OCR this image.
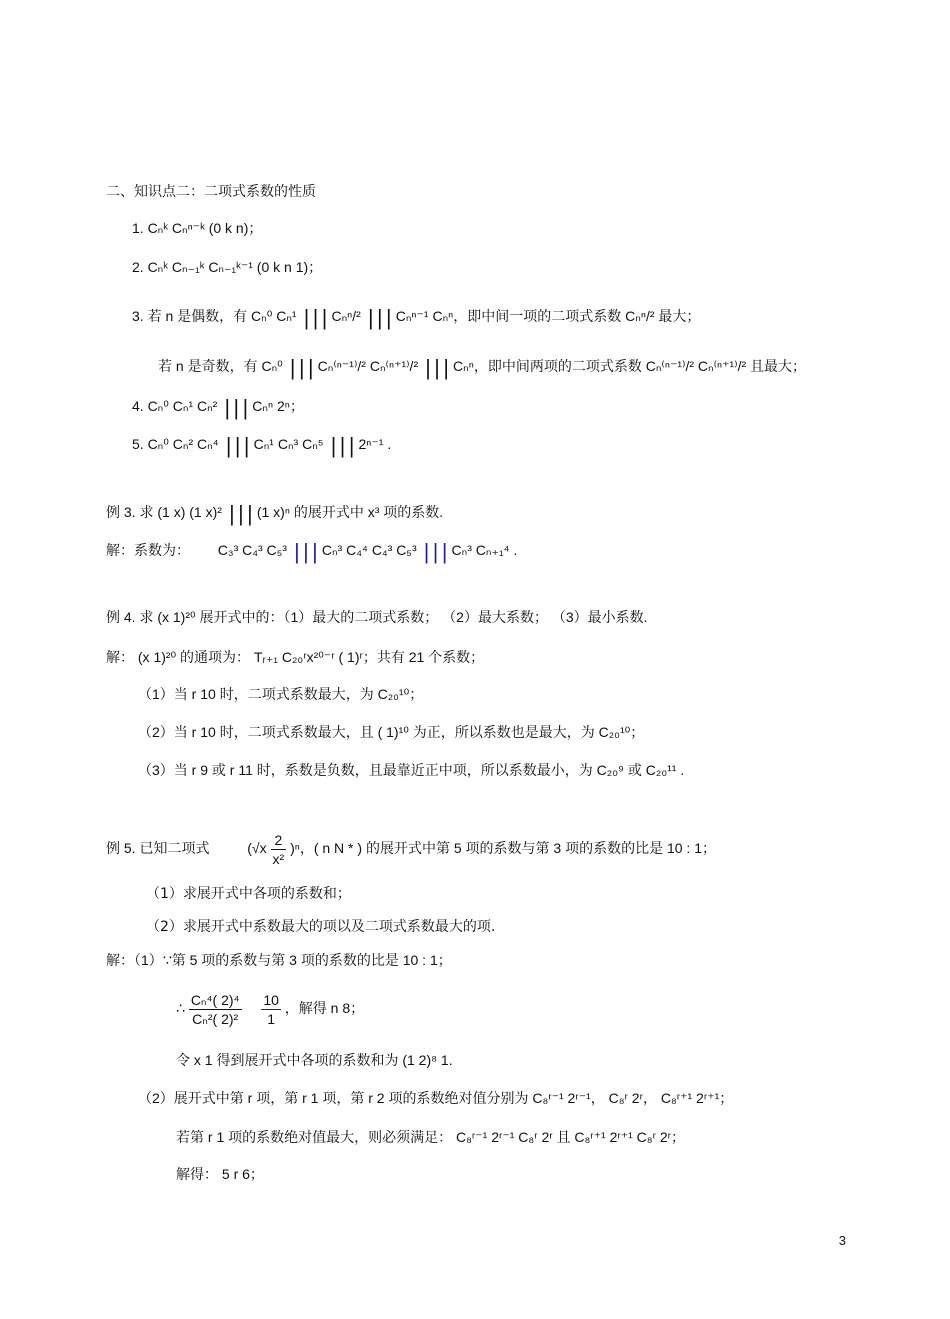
二、知识点二：二项式系数的性质
1. Cₙᵏ Cₙⁿ⁻ᵏ (0 k n)；
2. Cₙᵏ Cₙ₋₁ᵏ Cₙ₋₁ᵏ⁻¹ (0 k n 1)；
3. 若 n 是偶数，有 Cₙ⁰ Cₙ¹ ||| Cₙⁿ/² ||| Cₙⁿ⁻¹ Cₙⁿ，即中间一项的二项式系数 Cₙⁿ/² 最大；
若 n 是奇数，有 Cₙ⁰ ||| Cₙ⁽ⁿ⁻¹⁾/² Cₙ⁽ⁿ⁺¹⁾/² ||| Cₙⁿ，即中间两项的二项式系数 Cₙ⁽ⁿ⁻¹⁾/² Cₙ⁽ⁿ⁺¹⁾/² 且最大；
4. Cₙ⁰ Cₙ¹ Cₙ² ||| Cₙⁿ 2ⁿ；
5. Cₙ⁰ Cₙ² Cₙ⁴ ||| Cₙ¹ Cₙ³ Cₙ⁵ ||| 2ⁿ⁻¹ .
例 3. 求 (1 x) (1 x)² ||| (1 x)ⁿ 的展开式中 x³ 项的系数.
解：系数为： C₃³ C₄³ C₅³ ||| Cₙ³ C₄⁴ C₄³ C₅³ ||| Cₙ³ Cₙ₊₁⁴ .
例 4. 求 (x 1)²⁰ 展开式中的：（1）最大的二项式系数； （2）最大系数； （3）最小系数.
解： (x 1)²⁰ 的通项为： Tᵣ₊₁ C₂₀ʳx²⁰⁻ʳ ( 1)ʳ；共有 21 个系数；
（1）当 r 10 时，二项式系数最大，为 C₂₀¹⁰；
（2）当 r 10 时，二项式系数最大，且 ( 1)¹⁰ 为正，所以系数也是最大，为 C₂₀¹⁰；
（3）当 r 9 或 r 11 时，系数是负数，且最靠近正中项，所以系数最小，为 C₂₀⁹ 或 C₂₀¹¹ .
例 5. 已知二项式	$(√x \frac{2}{\text{x²}} )^n$，( n N * ) 的展开式中第 5 项的系数与第 3 项的系数的比是 10 : 1；
（1）求展开式中各项的系数和；
（2）求展开式中系数最大的项以及二项式系数最大的项.
解：（1）∵第 5 项的系数与第 3 项的系数的比是 10 : 1；
∴ $\frac{\text{Cₙ⁴( 2)⁴}}{\text{Cₙ²( 2)²}}$
$\frac{10}{1}$ ，解得 n 8；
令 x 1 得到展开式中各项的系数和为 (1 2)⁸ 1.
（2）展开式中第 r 项，第 r 1 项，第 r 2 项的系数绝对值分别为 C₈ʳ⁻¹ 2ʳ⁻¹， C₈ʳ 2ʳ， C₈ʳ⁺¹ 2ʳ⁺¹；
若第 r 1 项的系数绝对值最大，则必须满足： C₈ʳ⁻¹ 2ʳ⁻¹ C₈ʳ 2ʳ 且 C₈ʳ⁺¹ 2ʳ⁺¹ C₈ʳ 2ʳ；
解得： 5 r 6；
3
